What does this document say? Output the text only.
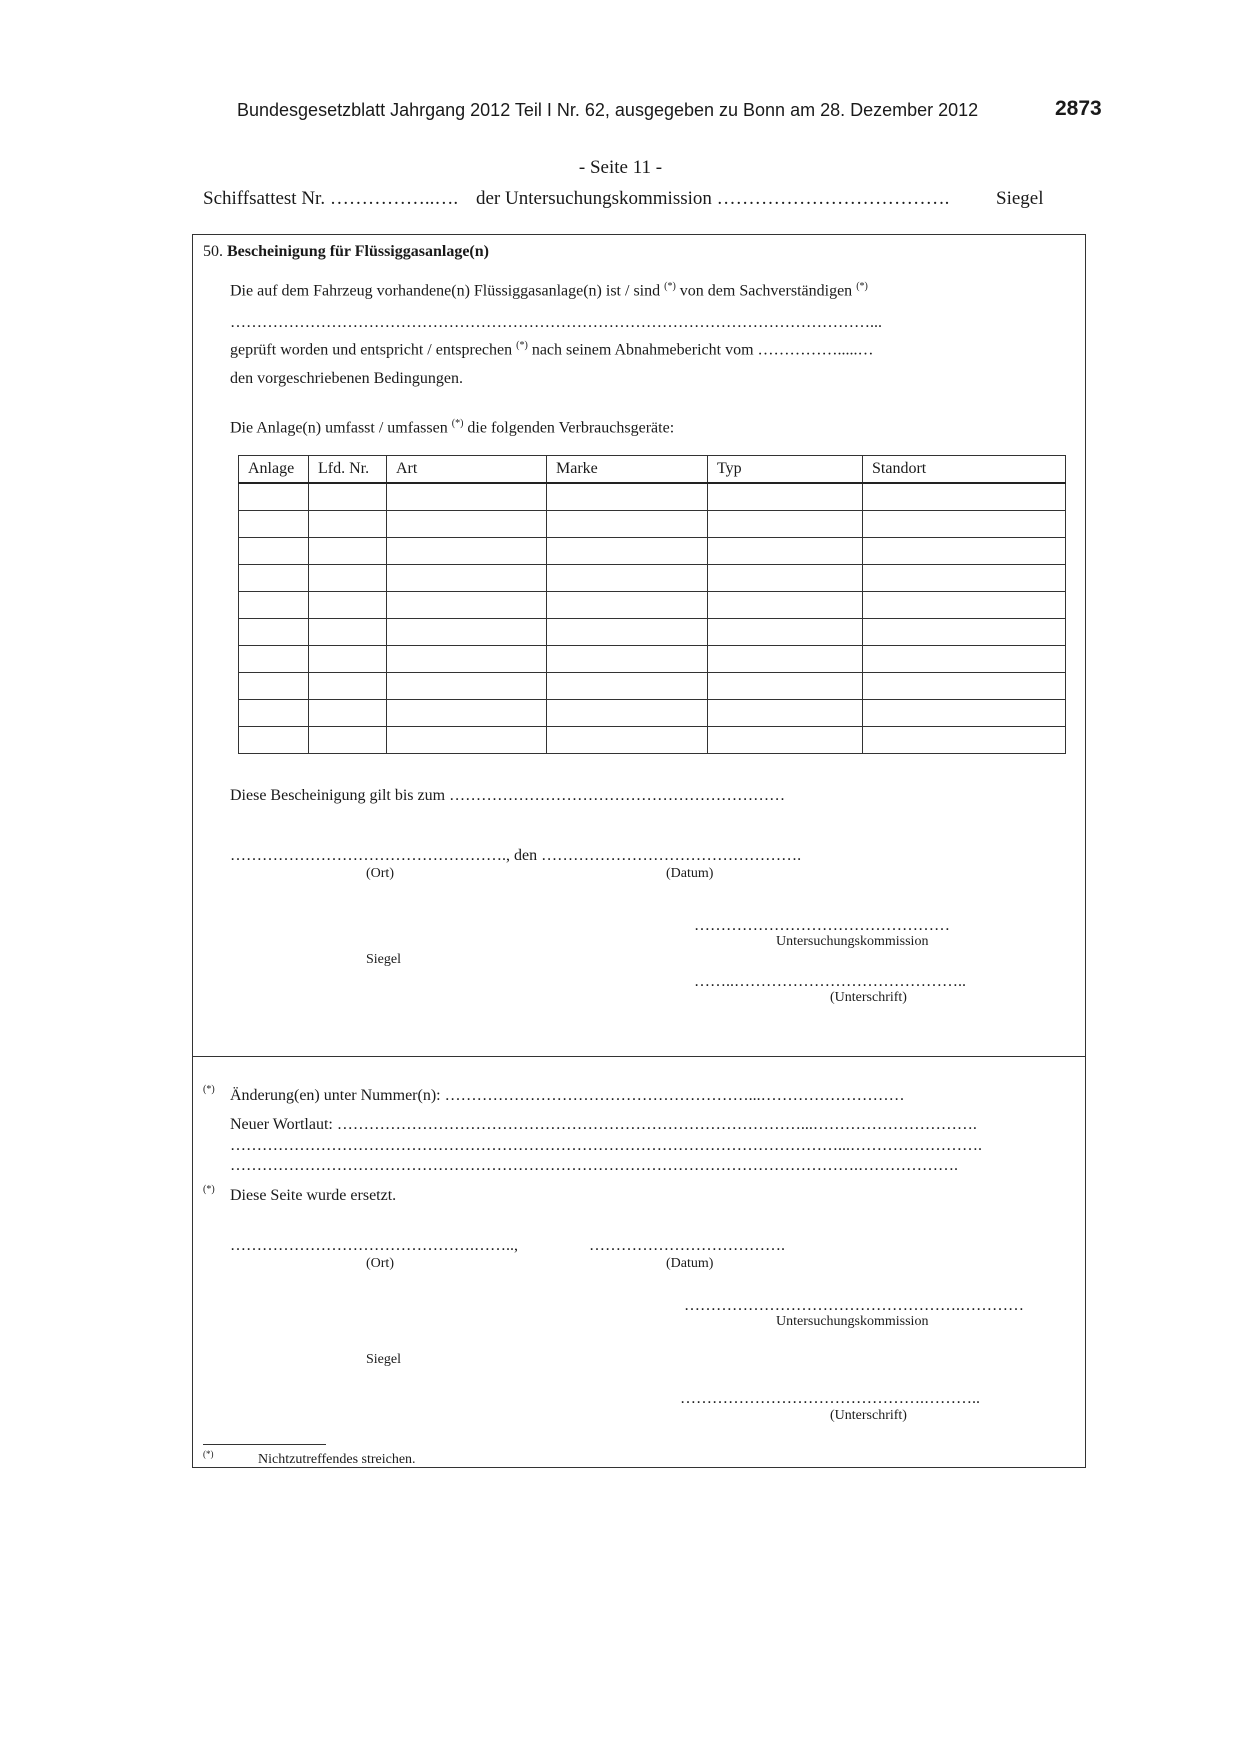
Bundesgesetzblatt Jahrgang 2012 Teil I Nr. 62, ausgegeben zu Bonn am 28. Dezember 2012	2873
- Seite 11 -
Schiffsattest Nr. ……………..…. der Untersuchungskommission ………………………………. Siegel
50. Bescheinigung für Flüssiggasanlage(n)
Die auf dem Fahrzeug vorhandene(n) Flüssiggasanlage(n) ist / sind (*) von dem Sachverständigen (*)
…………………………………………………………………………………………………………...
geprüft worden und entspricht / entsprechen (*) nach seinem Abnahmebericht vom …………….....…
den vorgeschriebenen Bedingungen.
Die Anlage(n) umfasst / umfassen (*) die folgenden Verbrauchsgeräte:
Anlage	Lfd. Nr.	Art	Marke	Typ	Standort

Diese Bescheinigung gilt bis zum ………………………………………………………
……………………………………………., den ………………………………………….
(Ort)	(Datum)
…………………………………………
Untersuchungskommission
Siegel
……..……………………………………..
(Unterschrift)
(*) Änderung(en) unter Nummer(n): …………………………………………………...………………………
Neuer Wortlaut: ……………………………………………………………………………...………………………….
……………………………………………………………………………………………………...…………………….
……………………………………………………………………………………………………….……………….
(*) Diese Seite wurde ersetzt.
……………………………………….……..,	……………………………….
(Ort)	(Datum)
…………………………………………….…………
Untersuchungskommission
Siegel
……………………………………….………..
(Unterschrift)
(*)	Nichtzutreffendes streichen.
